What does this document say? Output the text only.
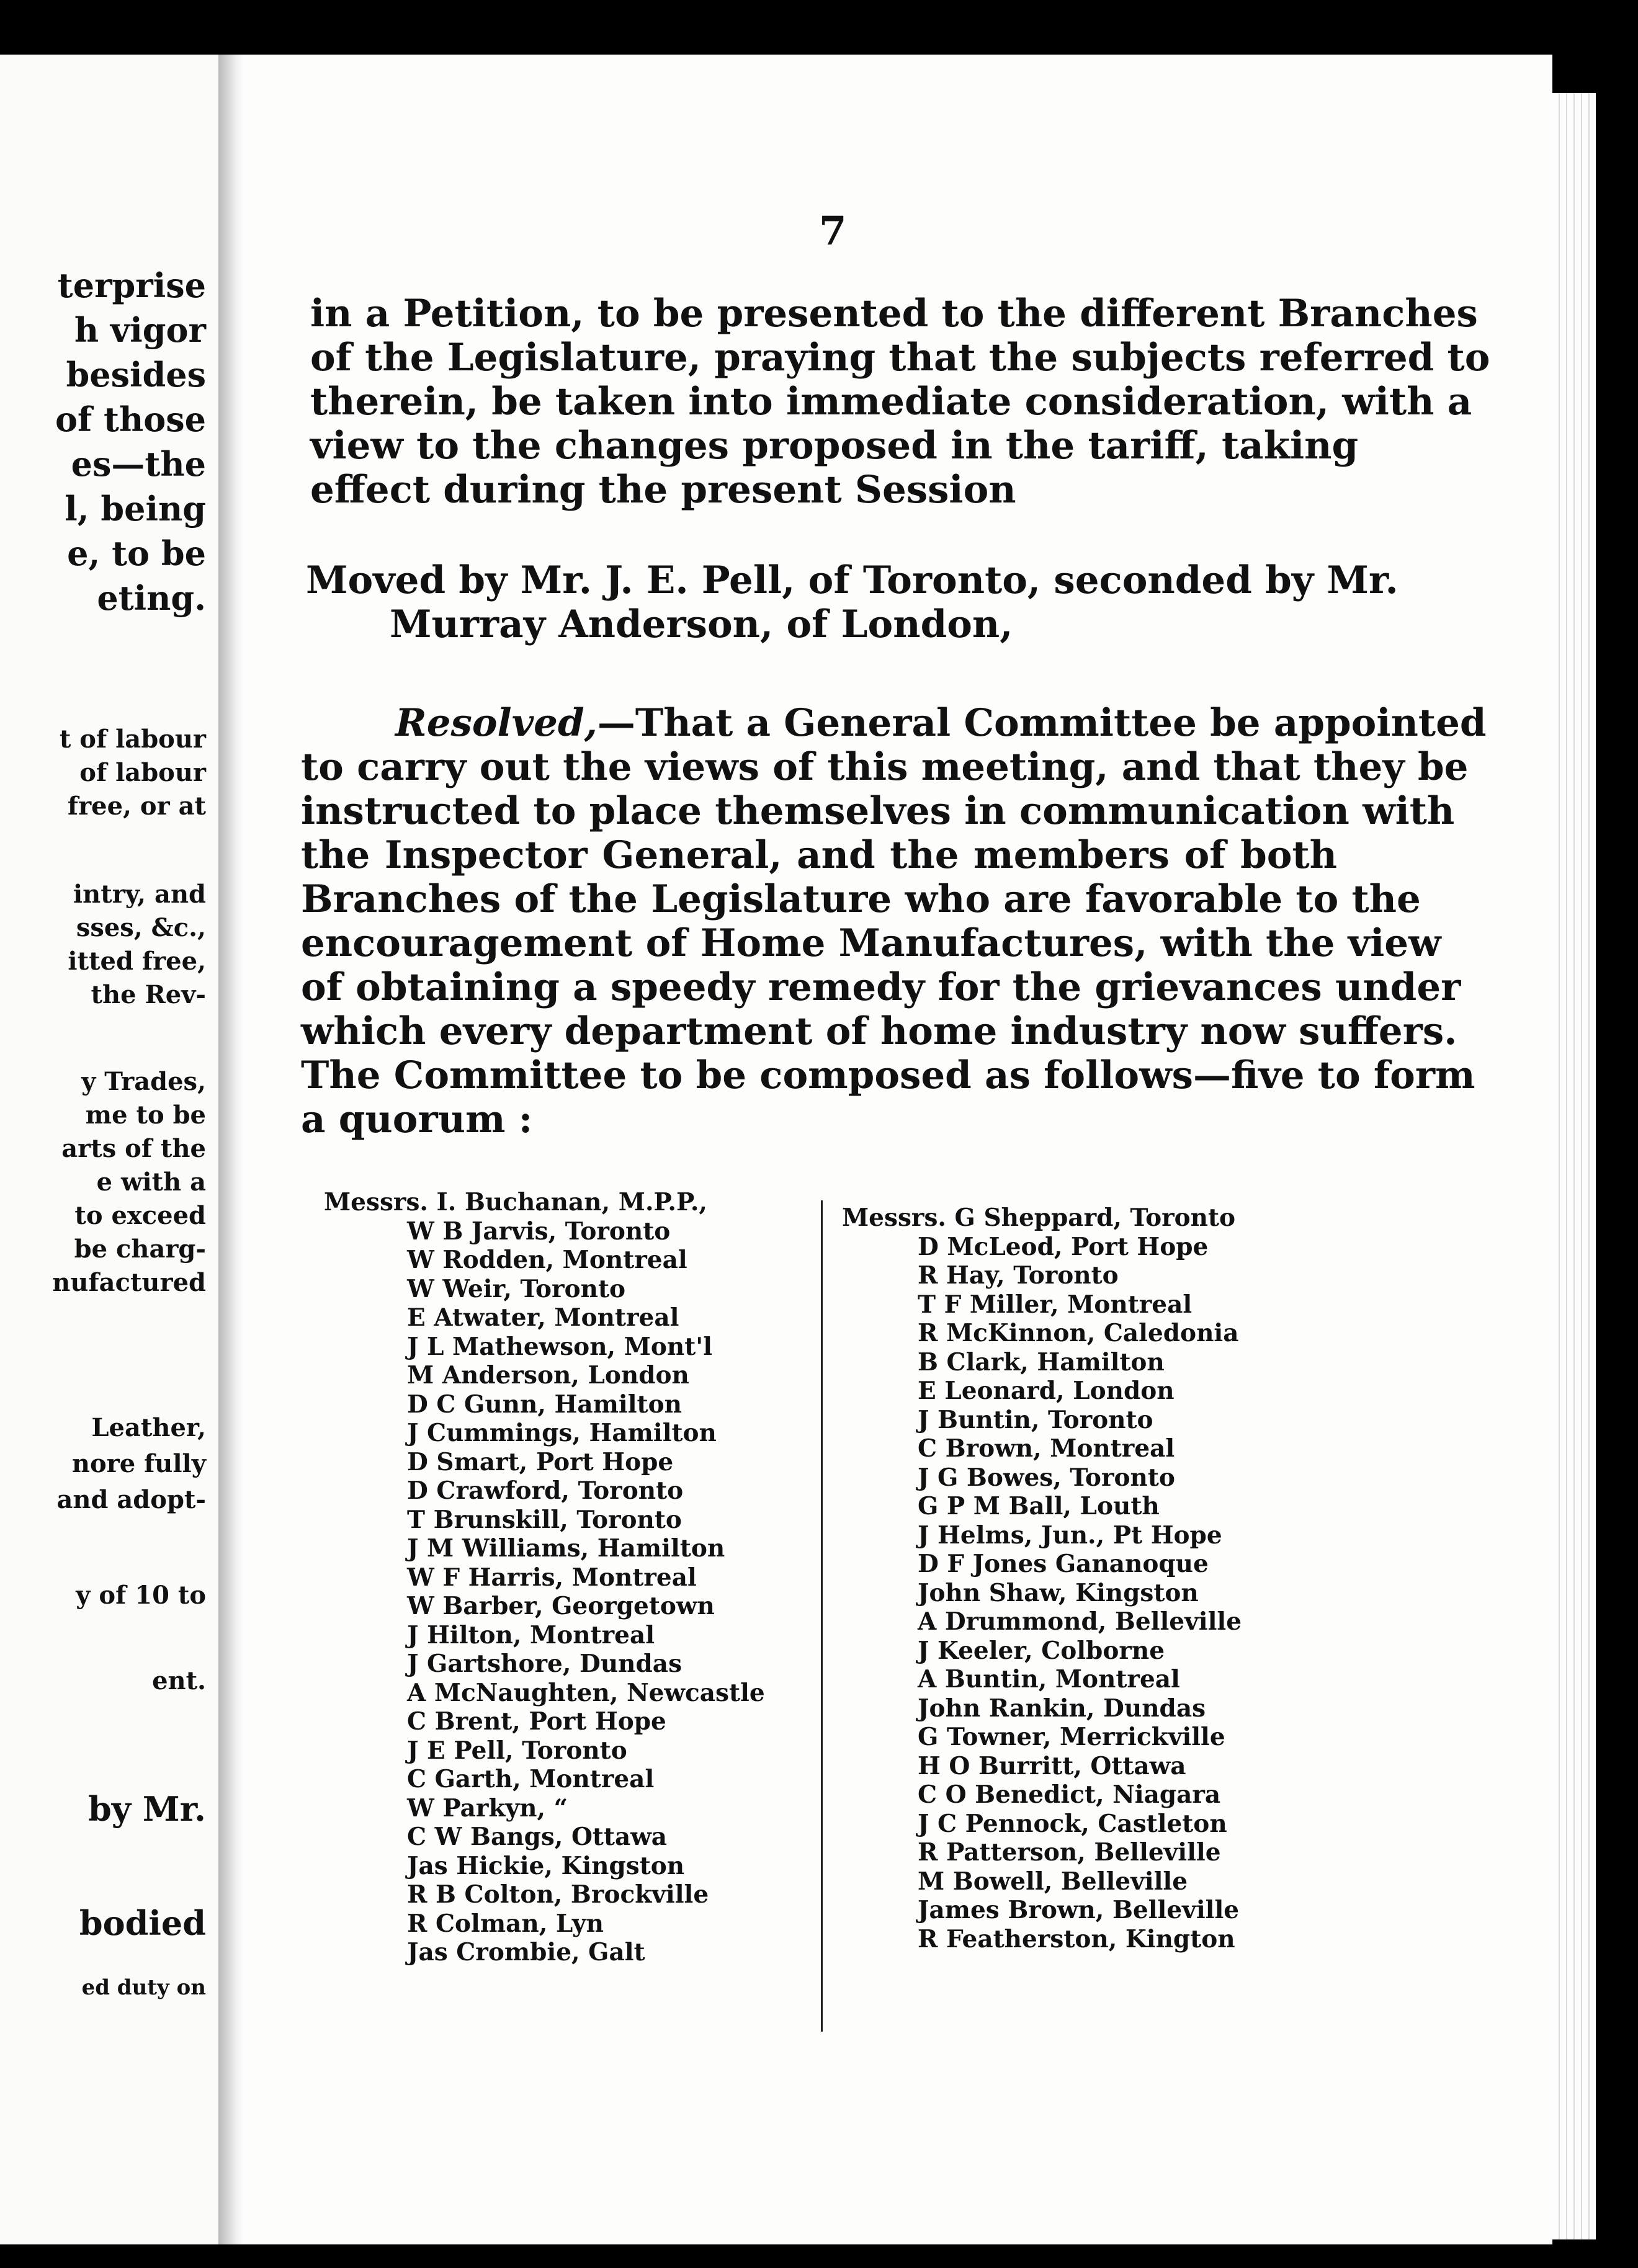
terprise
h vigor
besides
of those
es—the
l, being
e, to be
eting.
t of labour
of labour
free, or at
intry, and
sses, &c.,
itted free,
the Rev-
y Trades,
me to be
arts of the
e with a
to exceed
be charg-
nufactured
Leather,
nore fully
and adopt-
y of 10 to
ent.
by Mr.
bodied
ed duty on
7
in a Petition, to be presented to the different Branches
of the Legislature, praying that the subjects referred to
therein, be taken into immediate consideration, with a
view to the changes proposed in the tariff, taking
effect during the present Session
Moved by Mr. J. E. Pell, of Toronto, seconded by Mr.
Murray Anderson, of London,
Resolved,—That a General Committee be appointed
to carry out the views of this meeting, and that they be
instructed to place themselves in communication with
the Inspector General, and the members of both
Branches of the Legislature who are favorable to the
encouragement of Home Manufactures, with the view
of obtaining a speedy remedy for the grievances under
which every department of home industry now suffers.
The Committee to be composed as follows—five to form
a quorum :
Messrs. I. Buchanan, M.P.P.,
W B Jarvis, Toronto
W Rodden, Montreal
W Weir, Toronto
E Atwater, Montreal
J L Mathewson, Mont'l
M Anderson, London
D C Gunn, Hamilton
J Cummings, Hamilton
D Smart, Port Hope
D Crawford, Toronto
T Brunskill, Toronto
J M Williams, Hamilton
W F Harris, Montreal
W Barber, Georgetown
J Hilton, Montreal
J Gartshore, Dundas
A McNaughten, Newcastle
C Brent, Port Hope
J E Pell, Toronto
C Garth, Montreal
W Parkyn, “
C W Bangs, Ottawa
Jas Hickie, Kingston
R B Colton, Brockville
R Colman, Lyn
Jas Crombie, Galt
Messrs. G Sheppard, Toronto
D McLeod, Port Hope
R Hay, Toronto
T F Miller, Montreal
R McKinnon, Caledonia
B Clark, Hamilton
E Leonard, London
J Buntin, Toronto
C Brown, Montreal
J G Bowes, Toronto
G P M Ball, Louth
J Helms, Jun., Pt Hope
D F Jones Gananoque
John Shaw, Kingston
A Drummond, Belleville
J Keeler, Colborne
A Buntin, Montreal
John Rankin, Dundas
G Towner, Merrickville
H O Burritt, Ottawa
C O Benedict, Niagara
J C Pennock, Castleton
R Patterson, Belleville
M Bowell, Belleville
James Brown, Belleville
R Featherston, Kington
